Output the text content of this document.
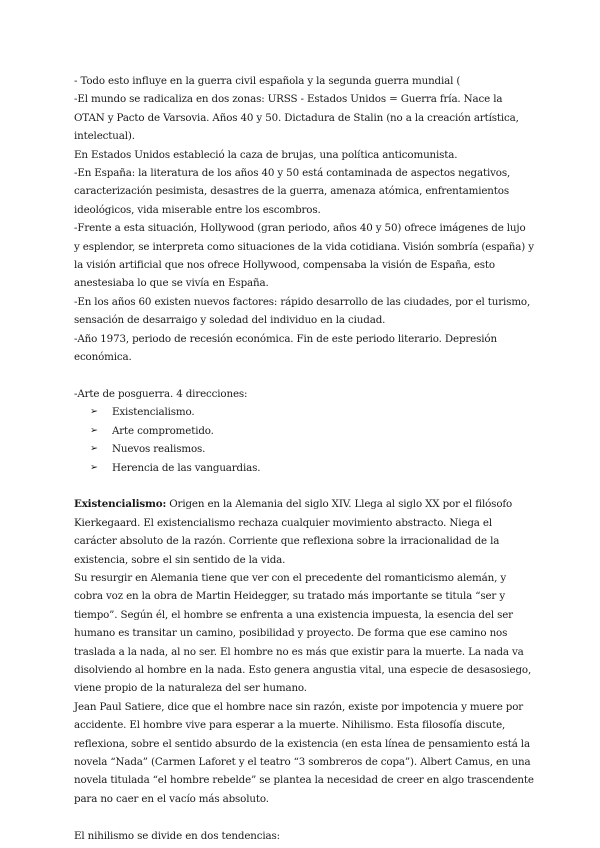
- Todo esto influye en la guerra civil española y la segunda guerra mundial (

-El mundo se radicaliza en dos zonas: URSS - Estados Unidos = Guerra fría. Nace la OTAN y Pacto de Varsovia. Años 40 y 50. Dictadura de Stalin (no a la creación artística, intelectual).

En Estados Unidos estableció la caza de brujas, una política anticomunista.

-En España: la literatura de los años 40 y 50 está contaminada de aspectos negativos, caracterización pesimista, desastres de la guerra, amenaza atómica, enfrentamientos ideológicos, vida miserable entre los escombros.

-Frente a esta situación, Hollywood (gran periodo, años 40 y 50) ofrece imágenes de lujo y esplendor, se interpreta como situaciones de la vida cotidiana. Visión sombría (españa) y la visión artificial que nos ofrece Hollywood, compensaba la visión de España, esto anestesiaba lo que se vivía en España.

-En los años 60 existen nuevos factores: rápido desarrollo de las ciudades, por el turismo, sensación de desarraigo y soledad del individuo en la ciudad.

-Año 1973, periodo de recesión económica. Fin de este periodo literario. Depresión económica.

-Arte de posguerra. 4 direcciones:

➢ Existencialismo.
➢ Arte comprometido.
➢ Nuevos realismos.
➢ Herencia de las vanguardias.

Existencialismo: Origen en la Alemania del siglo XIV. Llega al siglo XX por el filósofo Kierkegaard. El existencialismo rechaza cualquier movimiento abstracto. Niega el carácter absoluto de la razón. Corriente que reflexiona sobre la irracionalidad de la existencia, sobre el sin sentido de la vida.

Su resurgir en Alemania tiene que ver con el precedente del romanticismo alemán, y cobra voz en la obra de Martin Heidegger, su tratado más importante se titula “ser y tiempo”. Según él, el hombre se enfrenta a una existencia impuesta, la esencia del ser humano es transitar un camino, posibilidad y proyecto. De forma que ese camino nos traslada a la nada, al no ser. El hombre no es más que existir para la muerte. La nada va disolviendo al hombre en la nada. Esto genera angustia vital, una especie de desasosiego, viene propio de la naturaleza del ser humano.

Jean Paul Satiere, dice que el hombre nace sin razón, existe por impotencia y muere por accidente. El hombre vive para esperar a la muerte. Nihilismo. Esta filosofía discute, reflexiona, sobre el sentido absurdo de la existencia (en esta línea de pensamiento está la novela “Nada” (Carmen Laforet y el teatro “3 sombreros de copa”). Albert Camus, en una novela titulada “el hombre rebelde” se plantea la necesidad de creer en algo trascendente para no caer en el vacío más absoluto.

El nihilismo se divide en dos tendencias:
